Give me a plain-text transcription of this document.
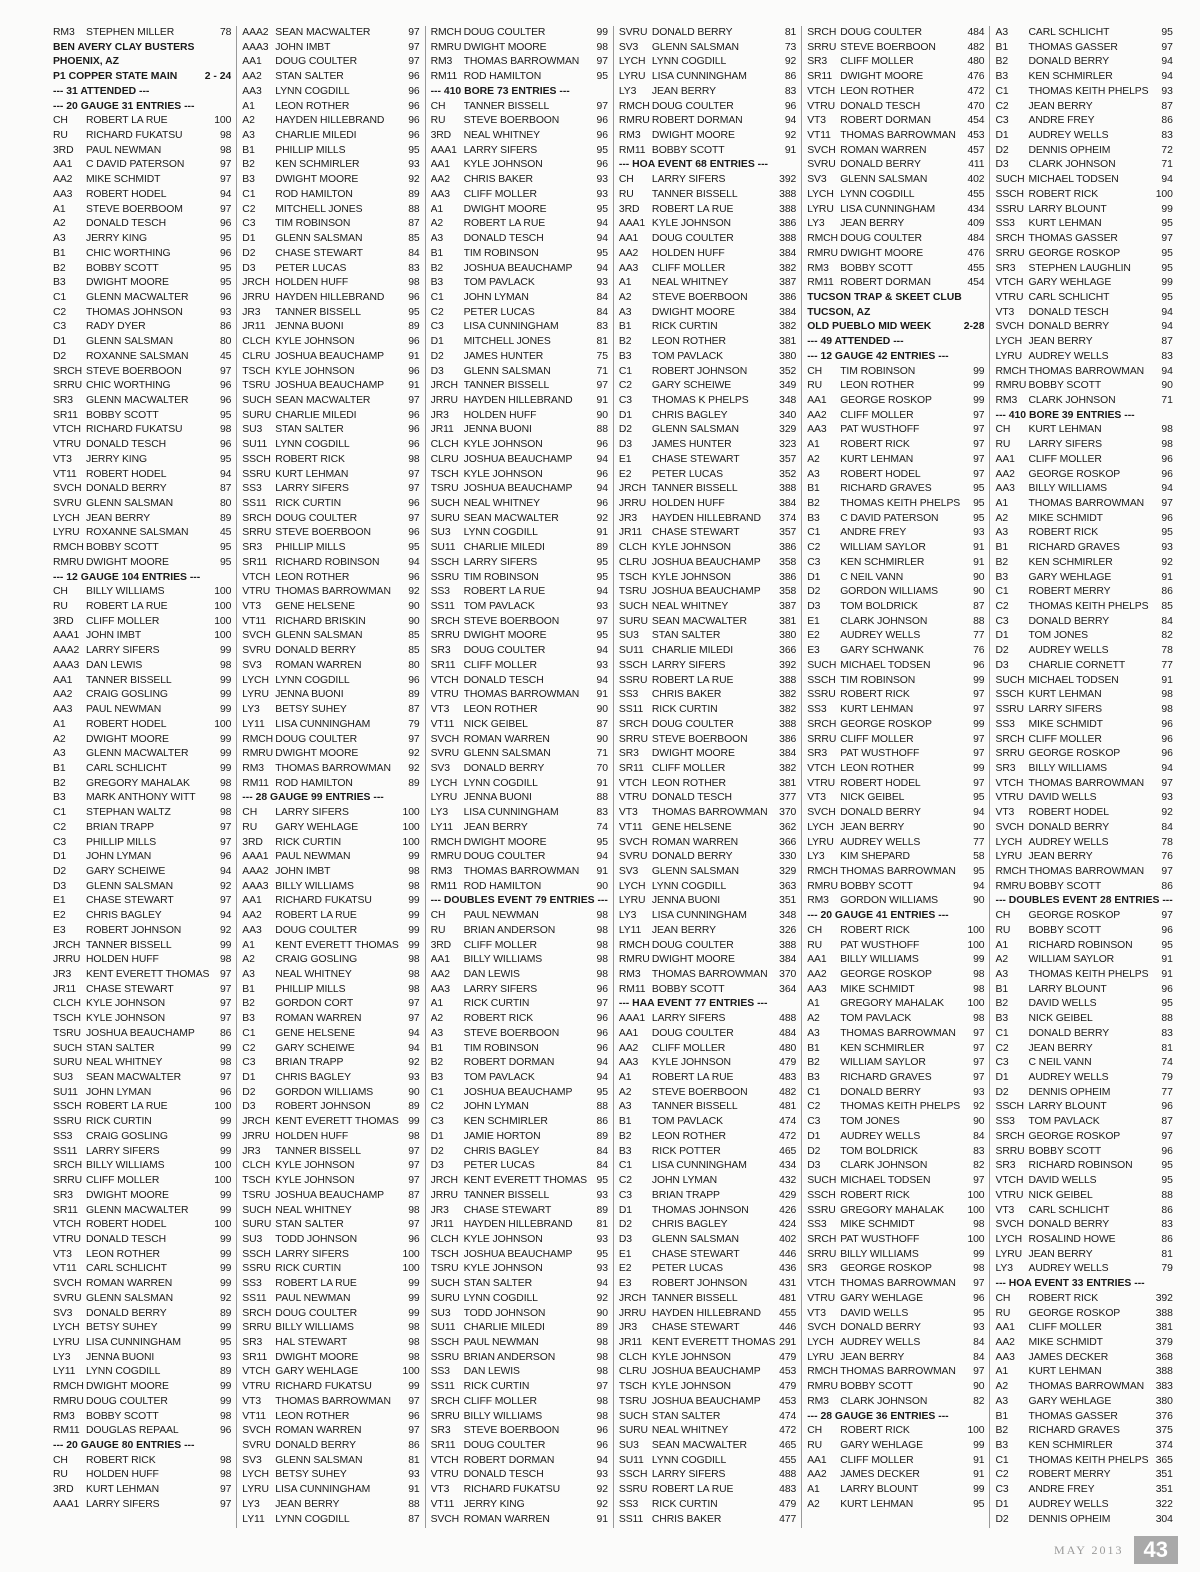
RM3	STEPHEN MILLER	78
BEN AVERY CLAY BUSTERS
PHOENIX, AZ
P1 COPPER STATE MAIN	2 - 24
--- 31 ATTENDED ---
--- 20 GAUGE 31 ENTRIES ---
CH	ROBERT LA RUE	100
RU	RICHARD FUKATSU	98
3RD	PAUL NEWMAN	98
AA1	C DAVID PATERSON	97
AA2	MIKE SCHMIDT	97
AA3	ROBERT HODEL	94
A1	STEVE BOERBOOM	97
A2	DONALD TESCH	96
A3	JERRY KING	95
B1	CHIC WORTHING	96
B2	BOBBY SCOTT	95
B3	DWIGHT MOORE	95
C1	GLENN MACWALTER	96
C2	THOMAS JOHNSON	93
C3	RADY DYER	86
D1	GLENN SALSMAN	80
D2	ROXANNE SALSMAN	45
SRCH STEVE BOERBOON	97
SRRU CHIC WORTHING	96
SR3	GLENN MACWALTER	96
SR11 BOBBY SCOTT	95
VTCH RICHARD FUKATSU	98
VTRU DONALD TESCH	96
VT3	JERRY KING	95
VT11 ROBERT HODEL	94
SVCH DONALD BERRY	87
SVRU GLENN SALSMAN	80
LYCH JEAN BERRY	89
LYRU ROXANNE SALSMAN	45
RMCH BOBBY SCOTT	95
RMRU DWIGHT MOORE	95
--- 12 GAUGE 104 ENTRIES ---
CH	BILLY WILLIAMS	100
RU	ROBERT LA RUE	100
3RD	CLIFF MOLLER	100
AAA1 JOHN IMBT	100
AAA2 LARRY SIFERS	99
AAA3 DAN LEWIS	98
AA1	TANNER BISSELL	99
AA2	CRAIG GOSLING	99
AA3	PAUL NEWMAN	99
A1	ROBERT HODEL	100
A2	DWIGHT MOORE	99
A3	GLENN MACWALTER	99
B1	CARL SCHLICHT	99
B2	GREGORY MAHALAK	98
B3	MARK ANTHONY WITT	98
C1	STEPHAN WALTZ	98
C2	BRIAN TRAPP	97
C3	PHILLIP MILLS	97
D1	JOHN LYMAN	96
D2	GARY SCHEIWE	94
D3	GLENN SALSMAN	92
E1	CHASE STEWART	97
E2	CHRIS BAGLEY	94
E3	ROBERT JOHNSON	92
JRCH TANNER BISSELL	99
JRRU HOLDEN HUFF	98
JR3	KENT EVERETT THOMAS	97
JR11 CHASE STEWART	97
CLCH KYLE JOHNSON	97
TSCH KYLE JOHNSON	97
TSRU JOSHUA BEAUCHAMP	86
SUCH STAN SALTER	99
SURU NEAL WHITNEY	98
SU3	SEAN MACWALTER	97
SU11 JOHN LYMAN	96
SSCH ROBERT LA RUE	100
SSRU RICK CURTIN	99
SS3	CRAIG GOSLING	99
SS11 LARRY SIFERS	99
SRCH BILLY WILLIAMS	100
SRRU CLIFF MOLLER	100
SR3	DWIGHT MOORE	99
SR11 GLENN MACWALTER	99
VTCH ROBERT HODEL	100
VTRU DONALD TESCH	99
VT3	LEON ROTHER	99
VT11 CARL SCHLICHT	99
SVCH ROMAN WARREN	99
SVRU GLENN SALSMAN	92
SV3	DONALD BERRY	89
LYCH BETSY SUHEY	99
LYRU LISA CUNNINGHAM	95
LY3	JENNA BUONI	93
LY11	LYNN COGDILL	89
RMCH DWIGHT MOORE	99
RMRU DOUG COULTER	99
RM3	BOBBY SCOTT	98
RM11 DOUGLAS REPAAL	96
--- 20 GAUGE 80 ENTRIES ---
CH	ROBERT RICK	98
RU	HOLDEN HUFF	98
3RD	KURT LEHMAN	97
AAA1 LARRY SIFERS	97
AAA2 SEAN MACWALTER	97
AAA3 JOHN IMBT	97
AA1	DOUG COULTER	97
AA2	STAN SALTER	96
AA3	LYNN COGDILL	96
A1	LEON ROTHER	96
A2	HAYDEN HILLEBRAND	96
A3	CHARLIE MILEDI	96
B1	PHILLIP MILLS	95
B2	KEN SCHMIRLER	93
B3	DWIGHT MOORE	92
C1	ROD HAMILTON	89
C2	MITCHELL JONES	88
C3	TIM ROBINSON	87
D1	GLENN SALSMAN	85
D2	CHASE STEWART	84
D3	PETER LUCAS	83
JRCH HOLDEN HUFF	98
JRRU HAYDEN HILLEBRAND	96
JR3	TANNER BISSELL	95
JR11 JENNA BUONI	89
CLCH KYLE JOHNSON	96
CLRU JOSHUA BEAUCHAMP	91
TSCH KYLE JOHNSON	96
TSRU JOSHUA BEAUCHAMP	91
SUCH SEAN MACWALTER	97
SURU CHARLIE MILEDI	96
SU3	STAN SALTER	96
SU11 LYNN COGDILL	96
SSCH ROBERT RICK	98
SSRU KURT LEHMAN	97
SS3	LARRY SIFERS	97
SS11 RICK CURTIN	96
SRCH DOUG COULTER	97
SRRU STEVE BOERBOON	96
SR3	PHILLIP MILLS	95
SR11 RICHARD ROBINSON	94
VTCH LEON ROTHER	96
VTRU THOMAS BARROWMAN	92
VT3	GENE HELSENE	90
VT11 RICHARD BRISKIN	90
SVCH GLENN SALSMAN	85
SVRU DONALD BERRY	85
SV3	ROMAN WARREN	80
LYCH LYNN COGDILL	96
LYRU JENNA BUONI	89
LY3	BETSY SUHEY	87
LY11	LISA CUNNINGHAM	79
RMCH DOUG COULTER	97
RMRU DWIGHT MOORE	92
RM3	THOMAS BARROWMAN	92
RM11 ROD HAMILTON	89
--- 28 GAUGE 99 ENTRIES ---
CH	LARRY SIFERS	100
RU	GARY WEHLAGE	100
3RD	RICK CURTIN	100
AAA1 PAUL NEWMAN	99
AAA2 JOHN IMBT	98
AAA3 BILLY WILLIAMS	98
AA1	RICHARD FUKATSU	99
AA2	ROBERT LA RUE	99
AA3	DOUG COULTER	99
A1	KENT EVERETT THOMAS 99
A2	CRAIG GOSLING	98
A3	NEAL WHITNEY	98
B1	PHILLIP MILLS	98
B2	GORDON CORT	97
B3	ROMAN WARREN	97
C1	GENE HELSENE	94
C2	GARY SCHEIWE	94
C3	BRIAN TRAPP	92
D1	CHRIS BAGLEY	93
D2	GORDON WILLIAMS	90
D3	ROBERT JOHNSON	89
JRCH KENT EVERETT THOMAS 99
JRRU HOLDEN HUFF	98
JR3	TANNER BISSELL	97
CLCH KYLE JOHNSON	97
TSCH KYLE JOHNSON	97
TSRU JOSHUA BEAUCHAMP	87
SUCH NEAL WHITNEY	98
SURU STAN SALTER	97
SU3	TODD JOHNSON	96
SSCH LARRY SIFERS	100
SSRU RICK CURTIN	100
SS3	ROBERT LA RUE	99
SS11 PAUL NEWMAN	99
SRCH DOUG COULTER	99
SRRU BILLY WILLIAMS	98
SR3	HAL STEWART	98
SR11 DWIGHT MOORE	98
VTCH GARY WEHLAGE	100
VTRU RICHARD FUKATSU	99
VT3	THOMAS BARROWMAN	97
VT11 LEON ROTHER	96
SVCH ROMAN WARREN	97
SVRU DONALD BERRY	86
SV3	GLENN SALSMAN	81
LYCH BETSY SUHEY	93
LYRU LISA CUNNINGHAM	91
LY3	JEAN BERRY	88
LY11	LYNN COGDILL	87
RMCH DOUG COULTER	99
RMRU DWIGHT MOORE	98
RM3	THOMAS BARROWMAN	97
RM11 ROD HAMILTON	95
--- 410 BORE 73 ENTRIES ---
CH	TANNER BISSELL	97
RU	STEVE BOERBOON	96
3RD	NEAL WHITNEY	96
AAA1 LARRY SIFERS	95
AA1	KYLE JOHNSON	96
AA2	CHRIS BAKER	93
AA3	CLIFF MOLLER	93
A1	DWIGHT MOORE	95
A2	ROBERT LA RUE	94
A3	DONALD TESCH	94
B1	TIM ROBINSON	95
B2	JOSHUA BEAUCHAMP	94
B3	TOM PAVLACK	93
C1	JOHN LYMAN	84
C2	PETER LUCAS	84
C3	LISA CUNNINGHAM	83
D1	MITCHELL JONES	81
D2	JAMES HUNTER	75
D3	GLENN SALSMAN	71
JRCH TANNER BISSELL	97
JRRU HAYDEN HILLEBRAND	91
JR3	HOLDEN HUFF	90
JR11 JENNA BUONI	88
CLCH KYLE JOHNSON	96
CLRU JOSHUA BEAUCHAMP	94
TSCH KYLE JOHNSON	96
TSRU JOSHUA BEAUCHAMP	94
SUCH NEAL WHITNEY	96
SURU SEAN MACWALTER	92
SU3	LYNN COGDILL	91
SU11 CHARLIE MILEDI	89
SSCH LARRY SIFERS	95
SSRU TIM ROBINSON	95
SS3	ROBERT LA RUE	94
SS11 TOM PAVLACK	93
SRCH STEVE BOERBOON	97
SRRU DWIGHT MOORE	95
SR3	DOUG COULTER	94
SR11 CLIFF MOLLER	93
VTCH DONALD TESCH	94
VTRU THOMAS BARROWMAN	91
VT3	LEON ROTHER	90
VT11 NICK GEIBEL	87
SVCH ROMAN WARREN	90
SVRU GLENN SALSMAN	71
SV3	DONALD BERRY	70
LYCH LYNN COGDILL	91
LYRU JENNA BUONI	88
LY3	LISA CUNNINGHAM	83
LY11	JEAN BERRY	74
RMCH DWIGHT MOORE	95
RMRU DOUG COULTER	94
RM3	THOMAS BARROWMAN	91
RM11 ROD HAMILTON	90
--- DOUBLES EVENT 79 ENTRIES ---
CH	PAUL NEWMAN	98
RU	BRIAN ANDERSON	98
3RD	CLIFF MOLLER	98
AA1	BILLY WILLIAMS	98
AA2	DAN LEWIS	98
AA3	LARRY SIFERS	96
A1	RICK CURTIN	97
A2	ROBERT RICK	96
A3	STEVE BOERBOON	96
B1	TIM ROBINSON	96
B2	ROBERT DORMAN	94
B3	TOM PAVLACK	94
C1	JOSHUA BEAUCHAMP	95
C2	JOHN LYMAN	88
C3	KEN SCHMIRLER	86
D1	JAMIE HORTON	89
D2	CHRIS BAGLEY	84
D3	PETER LUCAS	84
JRCH KENT EVERETT THOMAS 95
JRRU TANNER BISSELL	93
JR3	CHASE STEWART	89
JR11 HAYDEN HILLEBRAND	81
CLCH KYLE JOHNSON	93
TSCH JOSHUA BEAUCHAMP	95
TSRU KYLE JOHNSON	93
SUCH STAN SALTER	94
SURU LYNN COGDILL	92
SU3	TODD JOHNSON	90
SU11 CHARLIE MILEDI	89
SSCH PAUL NEWMAN	98
SSRU BRIAN ANDERSON	98
SS3	DAN LEWIS	98
SS11 RICK CURTIN	97
SRCH CLIFF MOLLER	98
SRRU BILLY WILLIAMS	98
SR3	STEVE BOERBOON	96
SR11 DOUG COULTER	96
VTCH ROBERT DORMAN	94
VTRU DONALD TESCH	93
VT3	RICHARD FUKATSU	92
VT11 JERRY KING	92
SVCH ROMAN WARREN	91
SVRU DONALD BERRY	81
SV3	GLENN SALSMAN	73
LYCH LYNN COGDILL	92
LYRU LISA CUNNINGHAM	86
LY3	JEAN BERRY	83
RMCH DOUG COULTER	96
RMRU ROBERT DORMAN	94
RM3	DWIGHT MOORE	92
RM11 BOBBY SCOTT	91
--- HOA EVENT 68 ENTRIES ---
CH	LARRY SIFERS	392
RU	TANNER BISSELL	388
3RD	ROBERT LA RUE	388
AAA1 KYLE JOHNSON	386
AA1	DOUG COULTER	388
AA2	HOLDEN HUFF	384
AA3	CLIFF MOLLER	382
A1	NEAL WHITNEY	387
A2	STEVE BOERBOON	386
A3	DWIGHT MOORE	384
B1	RICK CURTIN	382
B2	LEON ROTHER	381
B3	TOM PAVLACK	380
C1	ROBERT JOHNSON	352
C2	GARY SCHEIWE	349
C3	THOMAS K PHELPS	348
D1	CHRIS BAGLEY	340
D2	GLENN SALSMAN	329
D3	JAMES HUNTER	323
E1	CHASE STEWART	357
E2	PETER LUCAS	352
JRCH TANNER BISSELL	388
JRRU HOLDEN HUFF	384
JR3	HAYDEN HILLEBRAND	374
JR11 CHASE STEWART	357
CLCH KYLE JOHNSON	386
CLRU JOSHUA BEAUCHAMP	358
TSCH KYLE JOHNSON	386
TSRU JOSHUA BEAUCHAMP	358
SUCH NEAL WHITNEY	387
SURU SEAN MACWALTER	381
SU3	STAN SALTER	380
SU11 CHARLIE MILEDI	366
SSCH LARRY SIFERS	392
SSRU ROBERT LA RUE	388
SS3	CHRIS BAKER	382
SS11 RICK CURTIN	382
SRCH DOUG COULTER	388
SRRU STEVE BOERBOON	386
SR3	DWIGHT MOORE	384
SR11 CLIFF MOLLER	382
VTCH LEON ROTHER	381
VTRU DONALD TESCH	377
VT3	THOMAS BARROWMAN	370
VT11 GENE HELSENE	362
SVCH ROMAN WARREN	366
SVRU DONALD BERRY	330
SV3	GLENN SALSMAN	329
LYCH LYNN COGDILL	363
LYRU JENNA BUONI	351
LY3	LISA CUNNINGHAM	348
LY11	JEAN BERRY	326
RMCH DOUG COULTER	388
RMRU DWIGHT MOORE	384
RM3	THOMAS BARROWMAN	370
RM11 BOBBY SCOTT	364
--- HAA EVENT 77 ENTRIES ---
AAA1 LARRY SIFERS	488
AA1	DOUG COULTER	484
AA2	CLIFF MOLLER	480
AA3	KYLE JOHNSON	479
A1	ROBERT LA RUE	483
A2	STEVE BOERBOON	482
A3	TANNER BISSELL	481
B1	TOM PAVLACK	474
B2	LEON ROTHER	472
B3	RICK POTTER	465
C1	LISA CUNNINGHAM	434
C2	JOHN LYMAN	432
C3	BRIAN TRAPP	429
D1	THOMAS JOHNSON	426
D2	CHRIS BAGLEY	424
D3	GLENN SALSMAN	402
E1	CHASE STEWART	446
E2	PETER LUCAS	436
E3	ROBERT JOHNSON	431
JRCH TANNER BISSELL	481
JRRU HAYDEN HILLEBRAND	455
JR3	CHASE STEWART	446
JR11 KENT EVERETT THOMAS 291
CLCH KYLE JOHNSON	479
CLRU JOSHUA BEAUCHAMP	453
TSCH KYLE JOHNSON	479
TSRU JOSHUA BEAUCHAMP	453
SUCH STAN SALTER	474
SURU NEAL WHITNEY	472
SU3	SEAN MACWALTER	465
SU11 LYNN COGDILL	455
SSCH LARRY SIFERS	488
SSRU ROBERT LA RUE	483
SS3	RICK CURTIN	479
SS11 CHRIS BAKER	477
SRCH DOUG COULTER	484
SRRU STEVE BOERBOON	482
SR3	CLIFF MOLLER	480
SR11 DWIGHT MOORE	476
VTCH LEON ROTHER	472
VTRU DONALD TESCH	470
VT3	ROBERT DORMAN	454
VT11 THOMAS BARROWMAN	453
SVCH ROMAN WARREN	457
SVRU DONALD BERRY	411
SV3	GLENN SALSMAN	402
LYCH LYNN COGDILL	455
LYRU LISA CUNNINGHAM	434
LY3	JEAN BERRY	409
RMCH DOUG COULTER	484
RMRU DWIGHT MOORE	476
RM3	BOBBY SCOTT	455
RM11 ROBERT DORMAN	454
TUCSON TRAP & SKEET CLUB
TUCSON, AZ
OLD PUEBLO MID WEEK	2-28
--- 49 ATTENDED ---
--- 12 GAUGE 42 ENTRIES ---
CH	TIM ROBINSON	99
RU	LEON ROTHER	99
AA1	GEORGE ROSKOP	99
AA2	CLIFF MOLLER	97
AA3	PAT WUSTHOFF	97
A1	ROBERT RICK	97
A2	KURT LEHMAN	97
A3	ROBERT HODEL	97
B1	RICHARD GRAVES	95
B2	THOMAS KEITH PHELPS	95
B3	C DAVID PATERSON	95
C1	ANDRE FREY	93
C2	WILLIAM SAYLOR	91
C3	KEN SCHMIRLER	91
D1	C NEIL VANN	90
D2	GORDON WILLIAMS	90
D3	TOM BOLDRICK	87
E1	CLARK JOHNSON	88
E2	AUDREY WELLS	77
E3	GARY SCHWANK	76
SUCH MICHAEL TODSEN	96
SSCH TIM ROBINSON	99
SSRU ROBERT RICK	97
SS3	KURT LEHMAN	97
SRCH GEORGE ROSKOP	99
SRRU CLIFF MOLLER	97
SR3	PAT WUSTHOFF	97
VTCH LEON ROTHER	99
VTRU ROBERT HODEL	97
VT3	NICK GEIBEL	95
SVCH DONALD BERRY	94
LYCH JEAN BERRY	90
LYRU AUDREY WELLS	77
LY3	KIM SHEPARD	58
RMCH THOMAS BARROWMAN	95
RMRU BOBBY SCOTT	94
RM3	GORDON WILLIAMS	90
--- 20 GAUGE 41 ENTRIES ---
CH	ROBERT RICK	100
RU	PAT WUSTHOFF	100
AA1	BILLY WILLIAMS	99
AA2	GEORGE ROSKOP	98
AA3	MIKE SCHMIDT	98
A1	GREGORY MAHALAK	100
A2	TOM PAVLACK	98
A3	THOMAS BARROWMAN	97
B1	KEN SCHMIRLER	97
B2	WILLIAM SAYLOR	97
B3	RICHARD GRAVES	97
C1	DONALD BERRY	93
C2	THOMAS KEITH PHELPS	92
C3	TOM JONES	90
D1	AUDREY WELLS	84
D2	TOM BOLDRICK	83
D3	CLARK JOHNSON	82
SUCH MICHAEL TODSEN	97
SSCH ROBERT RICK	100
SSRU GREGORY MAHALAK	100
SS3	MIKE SCHMIDT	98
SRCH PAT WUSTHOFF	100
SRRU BILLY WILLIAMS	99
SR3	GEORGE ROSKOP	98
VTCH THOMAS BARROWMAN	97
VTRU GARY WEHLAGE	96
VT3	DAVID WELLS	95
SVCH DONALD BERRY	93
LYCH AUDREY WELLS	84
LYRU JEAN BERRY	84
RMCH THOMAS BARROWMAN	97
RMRU BOBBY SCOTT	90
RM3	CLARK JOHNSON	82
--- 28 GAUGE 36 ENTRIES ---
CH	ROBERT RICK	100
RU	GARY WEHLAGE	99
AA1	CLIFF MOLLER	91
AA2	JAMES DECKER	91
A1	LARRY BLOUNT	99
A2	KURT LEHMAN	95
A3	CARL SCHLICHT	95
B1	THOMAS GASSER	97
B2	DONALD BERRY	94
B3	KEN SCHMIRLER	94
C1	THOMAS KEITH PHELPS	93
C2	JEAN BERRY	87
C3	ANDRE FREY	86
D1	AUDREY WELLS	83
D2	DENNIS OPHEIM	72
D3	CLARK JOHNSON	71
SUCH MICHAEL TODSEN	94
SSCH ROBERT RICK	100
SSRU LARRY BLOUNT	99
SS3	KURT LEHMAN	95
SRCH THOMAS GASSER	97
SRRU GEORGE ROSKOP	95
SR3	STEPHEN LAUGHLIN	95
VTCH GARY WEHLAGE	99
VTRU CARL SCHLICHT	95
VT3	DONALD TESCH	94
SVCH DONALD BERRY	94
LYCH JEAN BERRY	87
LYRU AUDREY WELLS	83
RMCH THOMAS BARROWMAN	94
RMRU BOBBY SCOTT	90
RM3	CLARK JOHNSON	71
--- 410 BORE 39 ENTRIES ---
CH	KURT LEHMAN	98
RU	LARRY SIFERS	98
AA1	CLIFF MOLLER	96
AA2	GEORGE ROSKOP	96
AA3	BILLY WILLIAMS	94
A1	THOMAS BARROWMAN	97
A2	MIKE SCHMIDT	96
A3	ROBERT RICK	95
B1	RICHARD GRAVES	93
B2	KEN SCHMIRLER	92
B3	GARY WEHLAGE	91
C1	ROBERT MERRY	86
C2	THOMAS KEITH PHELPS	85
C3	DONALD BERRY	84
D1	TOM JONES	82
D2	AUDREY WELLS	78
D3	CHARLIE CORNETT	77
SUCH MICHAEL TODSEN	91
SSCH KURT LEHMAN	98
SSRU LARRY SIFERS	98
SS3	MIKE SCHMIDT	96
SRCH CLIFF MOLLER	96
SRRU GEORGE ROSKOP	96
SR3	BILLY WILLIAMS	94
VTCH THOMAS BARROWMAN	97
VTRU DAVID WELLS	93
VT3	ROBERT HODEL	92
SVCH DONALD BERRY	84
LYCH AUDREY WELLS	78
LYRU JEAN BERRY	76
RMCH THOMAS BARROWMAN	97
RMRU BOBBY SCOTT	86
--- DOUBLES EVENT 28 ENTRIES ---
CH	GEORGE ROSKOP	97
RU	BOBBY SCOTT	96
A1	RICHARD ROBINSON	95
A2	WILLIAM SAYLOR	91
A3	THOMAS KEITH PHELPS	91
B1	LARRY BLOUNT	96
B2	DAVID WELLS	95
B3	NICK GEIBEL	88
C1	DONALD BERRY	83
C2	JEAN BERRY	81
C3	C NEIL VANN	74
D1	AUDREY WELLS	79
D2	DENNIS OPHEIM	77
SSCH LARRY BLOUNT	96
SS3	TOM PAVLACK	87
SRCH GEORGE ROSKOP	97
SRRU BOBBY SCOTT	96
SR3	RICHARD ROBINSON	95
VTCH DAVID WELLS	95
VTRU NICK GEIBEL	88
VT3	CARL SCHLICHT	86
SVCH DONALD BERRY	83
LYCH ROSALIND HOWE	86
LYRU JEAN BERRY	81
LY3	AUDREY WELLS	79
--- HOA EVENT 33 ENTRIES ---
CH	ROBERT RICK	392
RU	GEORGE ROSKOP	388
AA1	CLIFF MOLLER	381
AA2	MIKE SCHMIDT	379
AA3	JAMES DECKER	368
A1	KURT LEHMAN	388
A2	THOMAS BARROWMAN	383
A3	GARY WEHLAGE	380
B1	THOMAS GASSER	376
B2	RICHARD GRAVES	375
B3	KEN SCHMIRLER	374
C1	THOMAS KEITH PHELPS 365
C2	ROBERT MERRY	351
C3	ANDRE FREY	351
D1	AUDREY WELLS	322
D2	DENNIS OPHEIM	304
MAY 2013 43
